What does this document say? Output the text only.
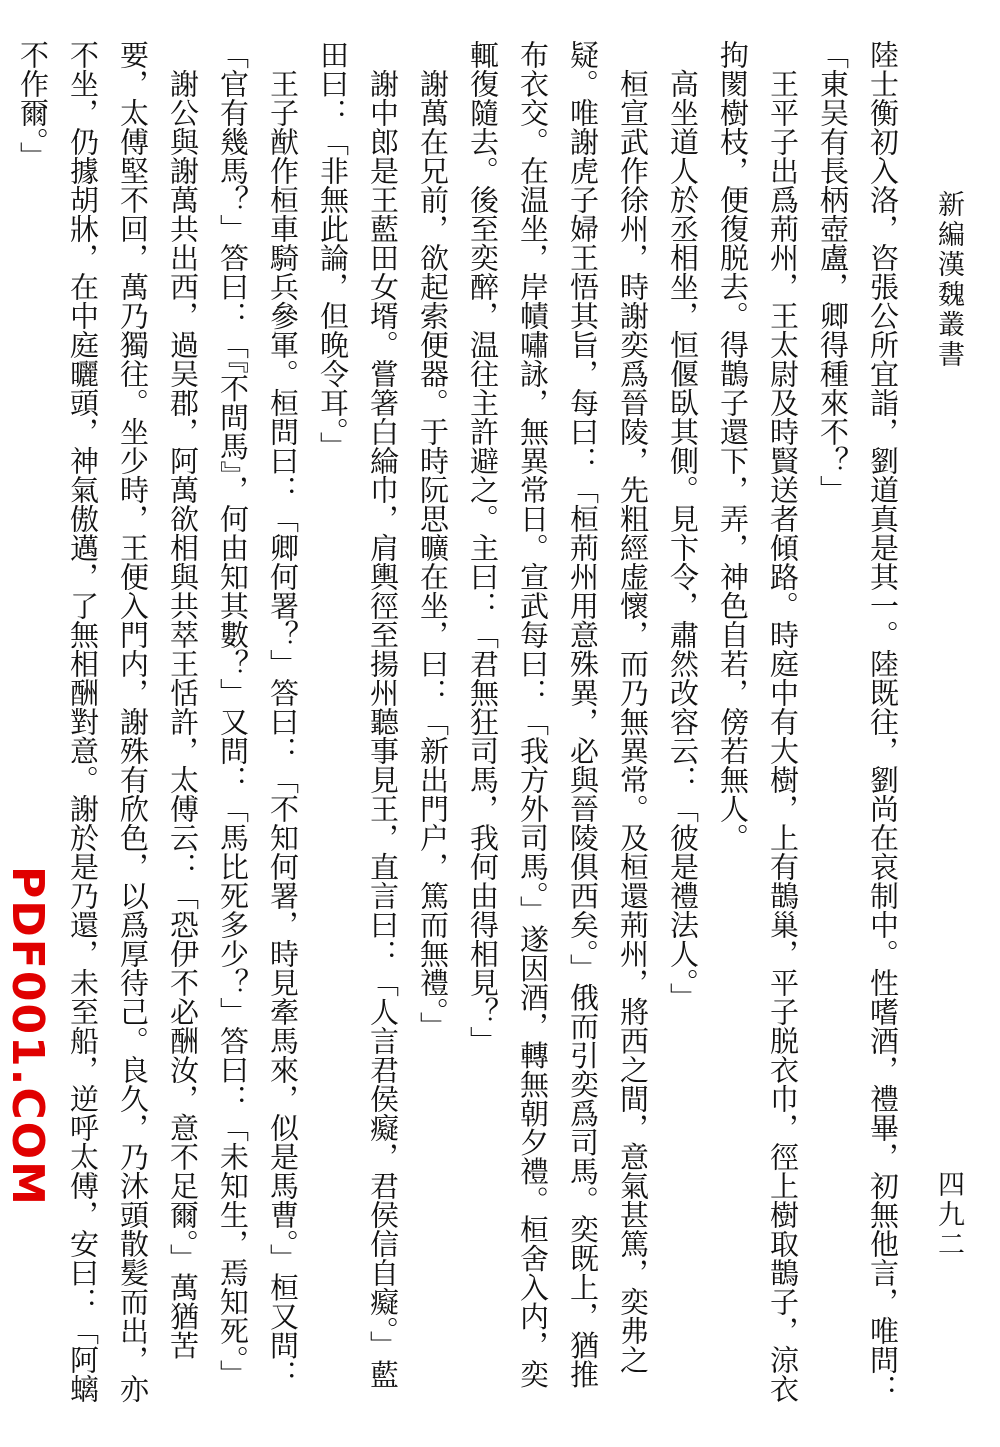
新編漢魏叢書
四九二

陸士衡初入洛，咨張公所宜詣，劉道真是其一。陸既往，劉尚在哀制中。性嗜酒，禮畢，初無他言，唯問：「東吴有長柄壺盧，卿得種來不？」

王平子出爲荊州，王太尉及時賢送者傾路。時庭中有大樹，上有鵲巢，平子脱衣巾，徑上樹取鵲子，涼衣拘閡樹枝，便復脱去。得鵲子還下，弄，神色自若，傍若無人。

高坐道人於丞相坐，恒偃臥其側。見卞令，肅然改容云：「彼是禮法人。」

桓宣武作徐州，時謝奕爲晉陵，先粗經虚懷，而乃無異常。及桓還荊州，將西之間，意氣甚篤，奕弗之疑。唯謝虎子婦王悟其旨，每曰：「桓荊州用意殊異，必與晉陵俱西矣。」俄而引奕爲司馬。奕既上，猶推布衣交。在温坐，岸幘嘯詠，無異常日。宣武每曰：「我方外司馬。」遂因酒，轉無朝夕禮。桓舍入内，奕輒復隨去。後至奕醉，温往主許避之。主曰：「君無狂司馬，我何由得相見？」

謝萬在兄前，欲起索便器。于時阮思曠在坐，曰：「新出門户，篤而無禮。」

謝中郎是王藍田女壻。嘗箸白綸巾，肩輿徑至揚州聽事見王，直言曰：「人言君侯癡，君侯信自癡。」藍田曰：「非無此論，但晚令耳。」

王子猷作桓車騎兵參軍。桓問曰：「卿何署？」答曰：「不知何署，時見牽馬來，似是馬曹。」桓又問：「官有幾馬？」答曰：「『不問馬』，何由知其數？」又問：「馬比死多少？」答曰：「未知生，焉知死。」

謝公與謝萬共出西，過吴郡，阿萬欲相與共萃王恬許，太傅云：「恐伊不必酬汝，意不足爾。」萬猶苦要，太傅堅不回，萬乃獨往。坐少時，王便入門内，謝殊有欣色，以爲厚待己。良久，乃沐頭散髪而出，亦不坐，仍據胡牀，在中庭曬頭，神氣傲邁，了無相酬對意。謝於是乃還，未至船，逆呼太傅，安曰：「阿螭不作爾。」

PDF001.COM
